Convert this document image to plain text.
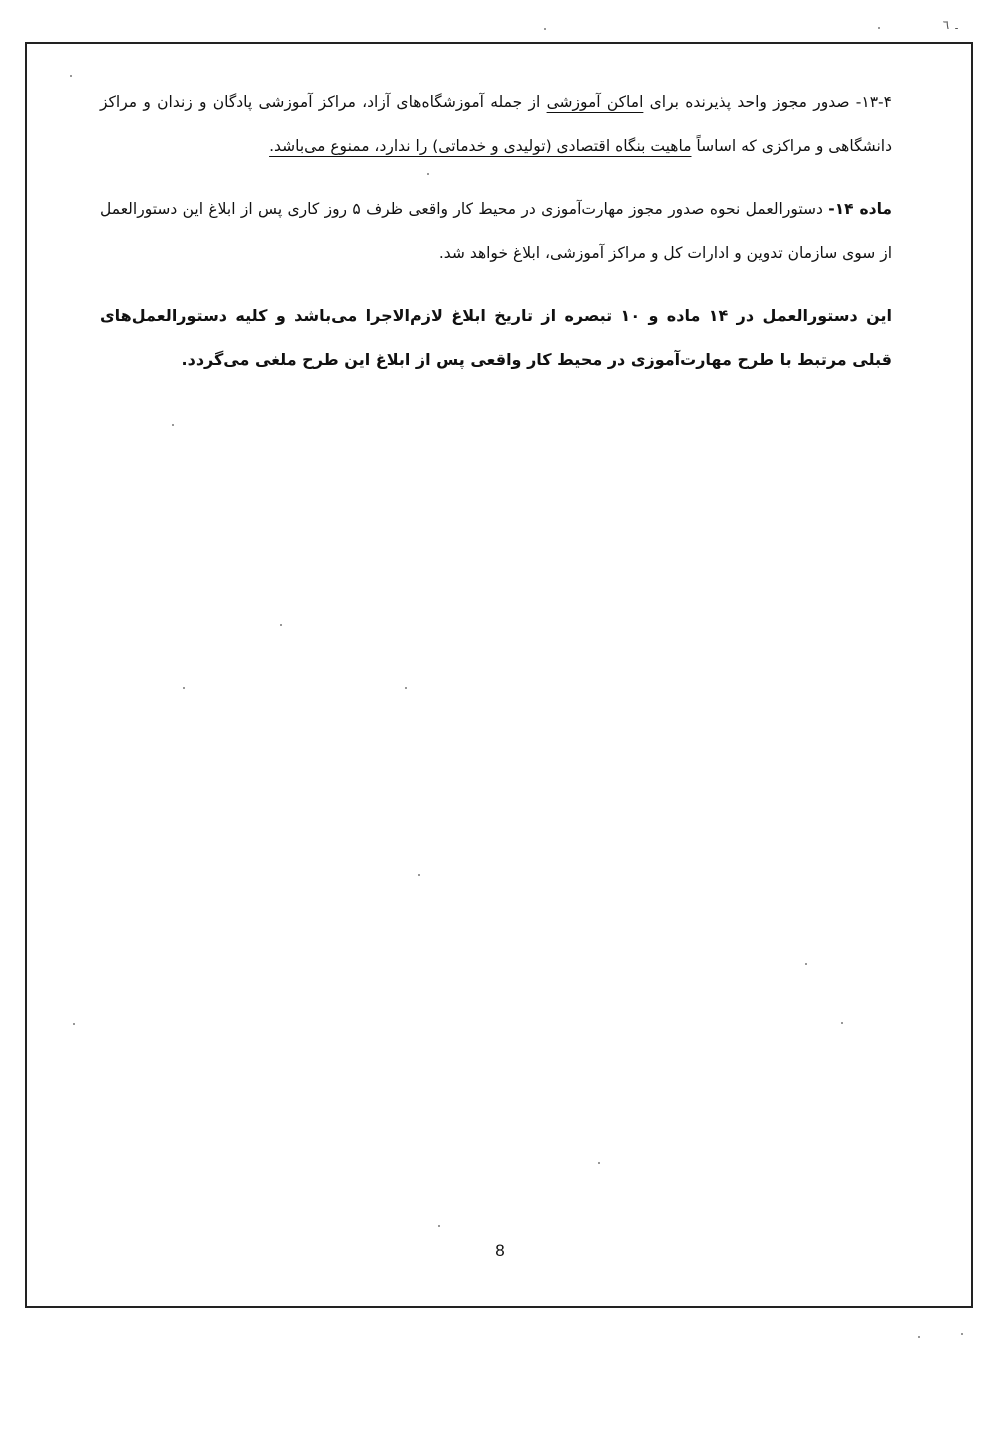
۔ ٦

۱۳-۴- صدور مجوز واحد پذیرنده برای اماکن آموزشی از جمله آموزشگاه‌های آزاد، مراکز آموزشی پادگان و زندان و مراکز دانشگاهی و مراکزی که اساساً ماهیت بنگاه اقتصادی (تولیدی و خدماتی) را ندارد، ممنوع می‌باشد.

ماده ۱۴- دستورالعمل نحوه صدور مجوز مهارت‌آموزی در محیط کار واقعی ظرف ۵ روز کاری پس از ابلاغ این دستورالعمل از سوی سازمان تدوین و ادارات کل و مراکز آموزشی، ابلاغ خواهد شد.

این دستورالعمل در ۱۴ ماده و ۱۰ تبصره از تاریخ ابلاغ لازم‌الاجرا می‌باشد و کلیه دستورالعمل‌های قبلی مرتبط با طرح مهارت‌آموزی در محیط کار واقعی پس از ابلاغ این طرح ملغی می‌گردد.

8
